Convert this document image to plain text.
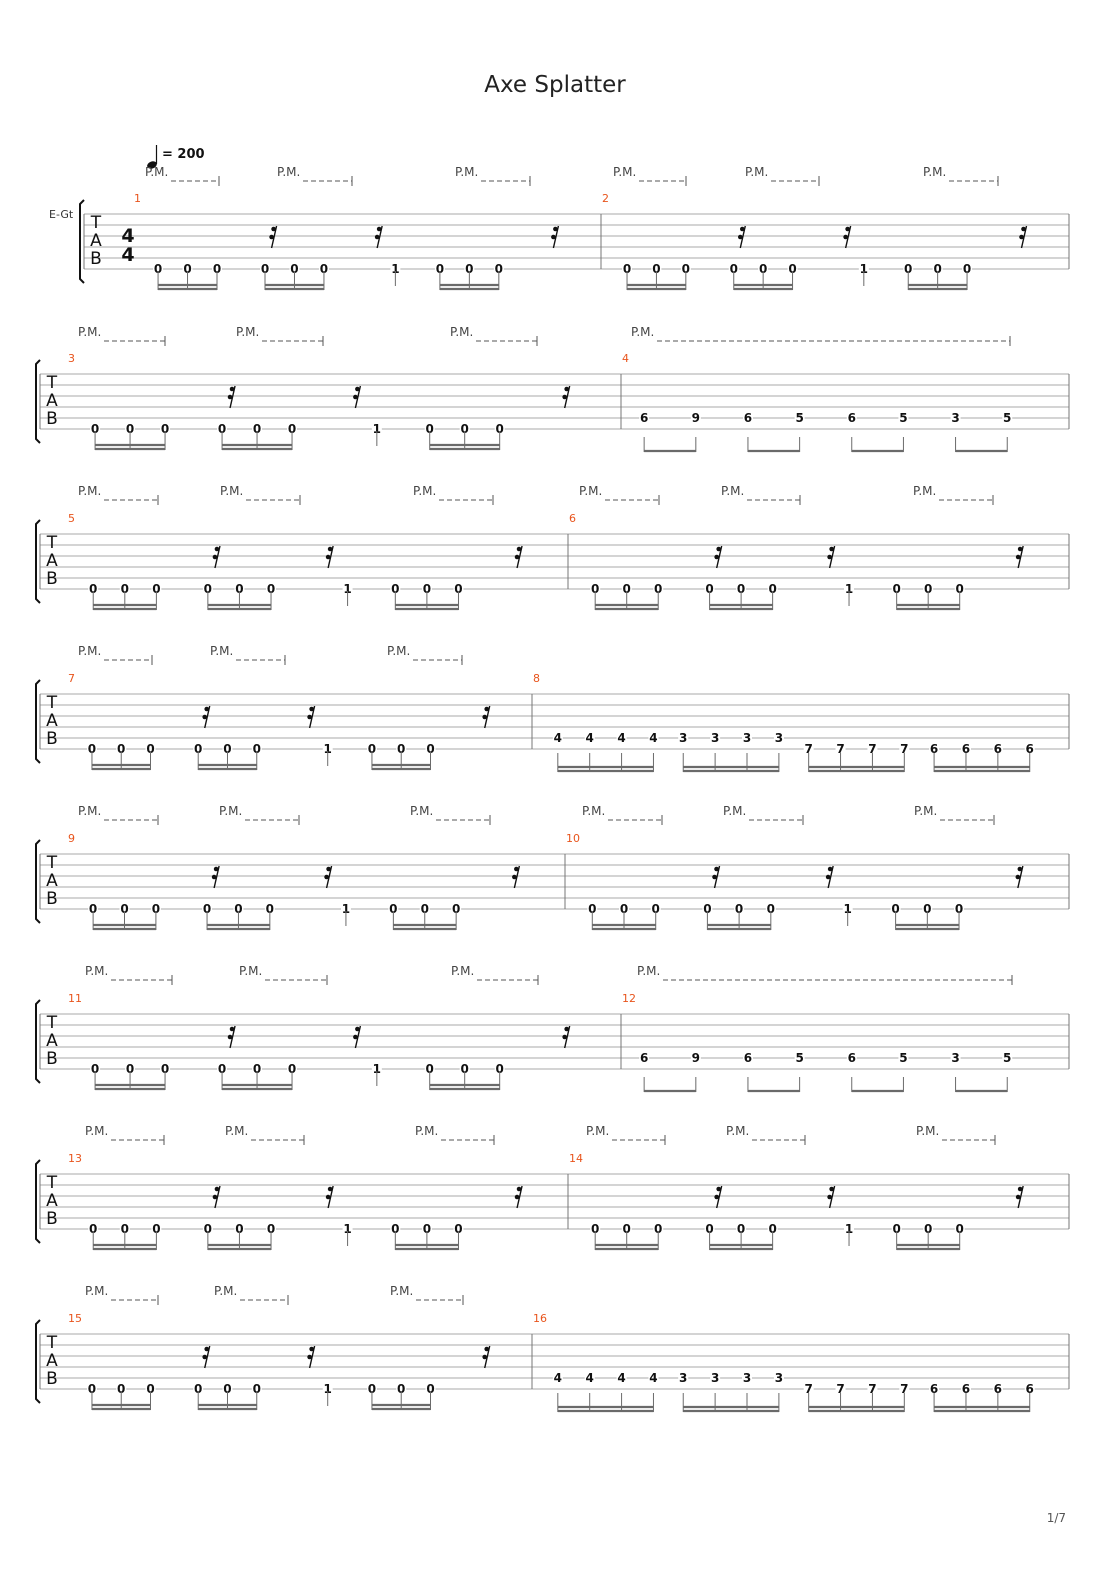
Axe Splatter
= 200
E-Gt T
A
B
4
4
1
0 0 0	0 0 0	1	0 0 0
2
0 0 0	0 0 0	1	0 0 0
P.M.	P.M.	P.M.	P.M.	P.M.	P.M.
T
A
B
3
0 0 0	0 0 0	1	0 0 0
4
6	9	6	5	6	5	3	5
P.M.	P.M.	P.M.	P.M.
T
A
B
5
0 0 0	0 0 0	1	0 0 0
6
0 0 0	0 0 0	1	0 0 0
P.M.	P.M.	P.M.	P.M.	P.M.	P.M.
T
A
B
7
0 0 0	0 0 0	1	0 0 0
8
4 4 4 4 3 3 3 3
7 7 7 7 6 6 6 6
P.M.	P.M.	P.M.
T
A
B
9
0 0 0	0 0 0	1	0 0 0
10
0 0 0	0 0 0	1	0 0 0
P.M.	P.M.	P.M.	P.M.	P.M.	P.M.
T
A
B
11
0 0 0	0 0 0	1	0 0 0
12
6	9	6	5	6	5	3	5
P.M.	P.M.	P.M.	P.M.
T
A
B
13
0 0 0	0 0 0	1	0 0 0
14
0 0 0	0 0 0	1	0 0 0
P.M.	P.M.	P.M.	P.M.	P.M.	P.M.
T
A
B
15
0 0 0	0 0 0	1	0 0 0
16
4 4 4 4 3 3 3 3
7 7 7 7 6 6 6 6
P.M.	P.M.	P.M.
1/7
